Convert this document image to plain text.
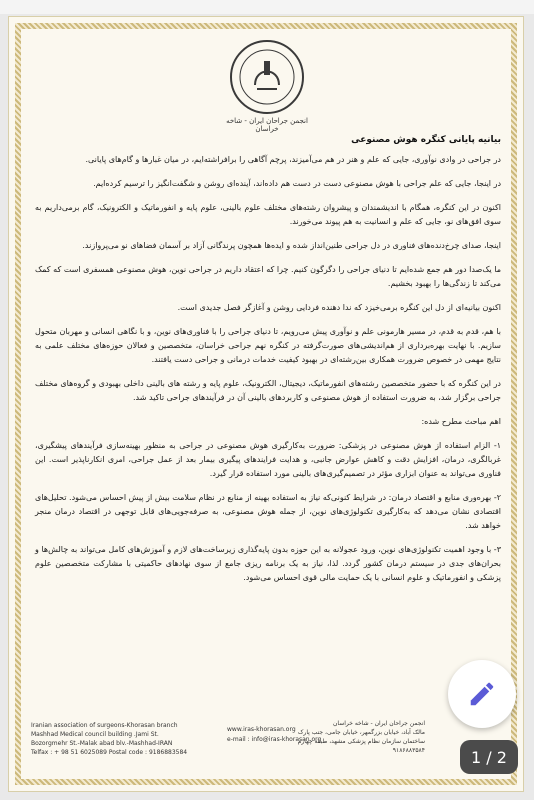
انجمن جراحان ایران - شاخه خراسان
بیانیه پایانی کنگره هوش مصنوعی

در جراحی در وادی نوآوری، جایی که علم و هنر در هم می‌آمیزند، پرچم آگاهی را برافراشته‌ایم، در میان غبارها و گام‌های پایانی.

در اینجا، جایی که علم جراحی با هوش مصنوعی دست در دست هم داده‌اند، آینده‌ای روشن و شگفت‌انگیز را ترسیم کرده‌ایم.

اکنون در این کنگره، همگام با اندیشمندان و پیشروان رشته‌های مختلف علوم بالینی، علوم پایه و انفورماتیک و الکترونیک، گام برمی‌داریم به سوی افق‌های نو، جایی که علم و انسانیت به هم پیوند می‌خورند.

اینجا، صدای چرخ‌دنده‌های فناوری در دل جراحی طنین‌انداز شده و ایده‌ها همچون پرندگانی آزاد بر آسمان فضاهای نو می‌پروازند.

ما یک‌صدا دور هم جمع شده‌ایم تا دنیای جراحی را دگرگون کنیم. چرا که اعتقاد داریم در جراحی نوین، هوش مصنوعی همسفری است که کمک می‌کند تا زندگی‌ها را بهبود بخشیم.

اکنون بیانیه‌ای از دل این کنگره برمی‌خیزد که ندا دهنده فردایی روشن و آغازگر فصل جدیدی است.

با هم، قدم به قدم، در مسیر هارمونی علم و نوآوری پیش می‌رویم، تا دنیای جراحی را با فناوری‌های نوین، و با نگاهی انسانی و مهربان متحول سازیم. با نهایت بهره‌برداری از هم‌اندیشی‌های صورت‌گرفته در کنگره نهم جراحی خراسان، متخصصین و فعالان حوزه‌های مختلف علمی به نتایج مهمی در خصوص ضرورت همکاری بین‌رشته‌ای در بهبود کیفیت خدمات درمانی و جراحی دست یافتند.

در این کنگره که با حضور متخصصین رشته‌های انفورماتیک، دیجیتال، الکترونیک، علوم پایه و رشته های بالینی داخلی بهبودی و گروه‌های مختلف جراحی برگزار شد، به ضرورت استفاده از هوش مصنوعی و کاربردهای بالینی آن در فرآیندهای جراحی تاکید شد.

اهم مباحث مطرح شده:

۱- الزام استفاده از هوش مصنوعی در پزشکی: ضرورت به‌کارگیری هوش مصنوعی در جراحی به منظور بهینه‌سازی فرآیندهای پیشگیری، غربالگری، درمان، افزایش دقت و کاهش عوارض جانبی، و هدایت فرایندهای پیگیری بیمار بعد از عمل جراحی، امری انکارناپذیر است. این فناوری می‌تواند به عنوان ابزاری مؤثر در تصمیم‌گیری‌های بالینی مورد استفاده قرار گیرد.
۲- بهره‌وری منابع و اقتصاد درمان: در شرایط کنونی‌که نیاز به استفاده بهینه از منابع در نظام سلامت بیش از پیش احساس می‌شود. تحلیل‌های اقتصادی نشان می‌دهد که به‌کارگیری تکنولوژی‌های نوین، از جمله هوش مصنوعی، به صرفه‌جویی‌های قابل توجهی در اقتصاد درمان منجر خواهد شد.
۳- با وجود اهمیت تکنولوژی‌های نوین، ورود عجولانه به این حوزه بدون پایه‌گذاری زیرساخت‌های لازم و آموزش‌های کامل می‌تواند به چالش‌ها و بحران‌های جدی در سیستم درمان کشور گردد. لذا، نیاز به یک برنامه ریزی جامع از سوی نهادهای حاکمیتی با مشارکت متخصصین علوم پزشکی و انفورماتیک و علوم انسانی با یک حمایت مالی قوی احساس می‌شود.
Iranian association of surgeons-Khorasan branch
Mashhad Medical council building .Jami St.
Bozorgmehr St.-Malak abad blv.-Mashhad-IRAN
Telfax : + 98 51 6025089 Postal code : 9186883584
www.iras-khorasan.org
e-mail : info@iras-khorasan.org
انجمن جراحان ایران - شاخه خراسان
مالک آباد، خیابان بزرگمهر، خیابان جامی، جنب پارک
ساختمان سازمان نظام پزشکی مشهد، طبقه چهارم
۹۱۸۶۸۸۳۵۸۴	1 / 2
